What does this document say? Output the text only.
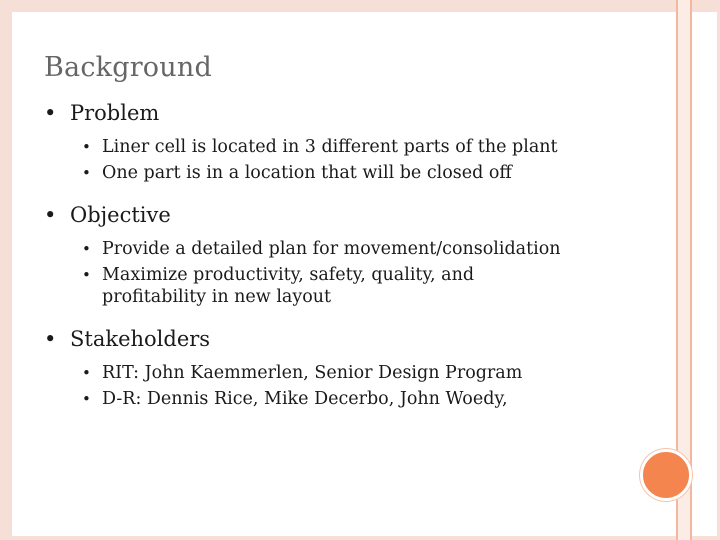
Background

• Problem

• Liner cell is located in 3 different parts of the plant

• One part is in a location that will be closed off

• Objective

• Provide a detailed plan for movement/consolidation

• Maximize productivity, safety, quality, and profitability in new layout

• Stakeholders

• RIT: John Kaemmerlen, Senior Design Program

• D-R: Dennis Rice, Mike Decerbo, John Woedy,
